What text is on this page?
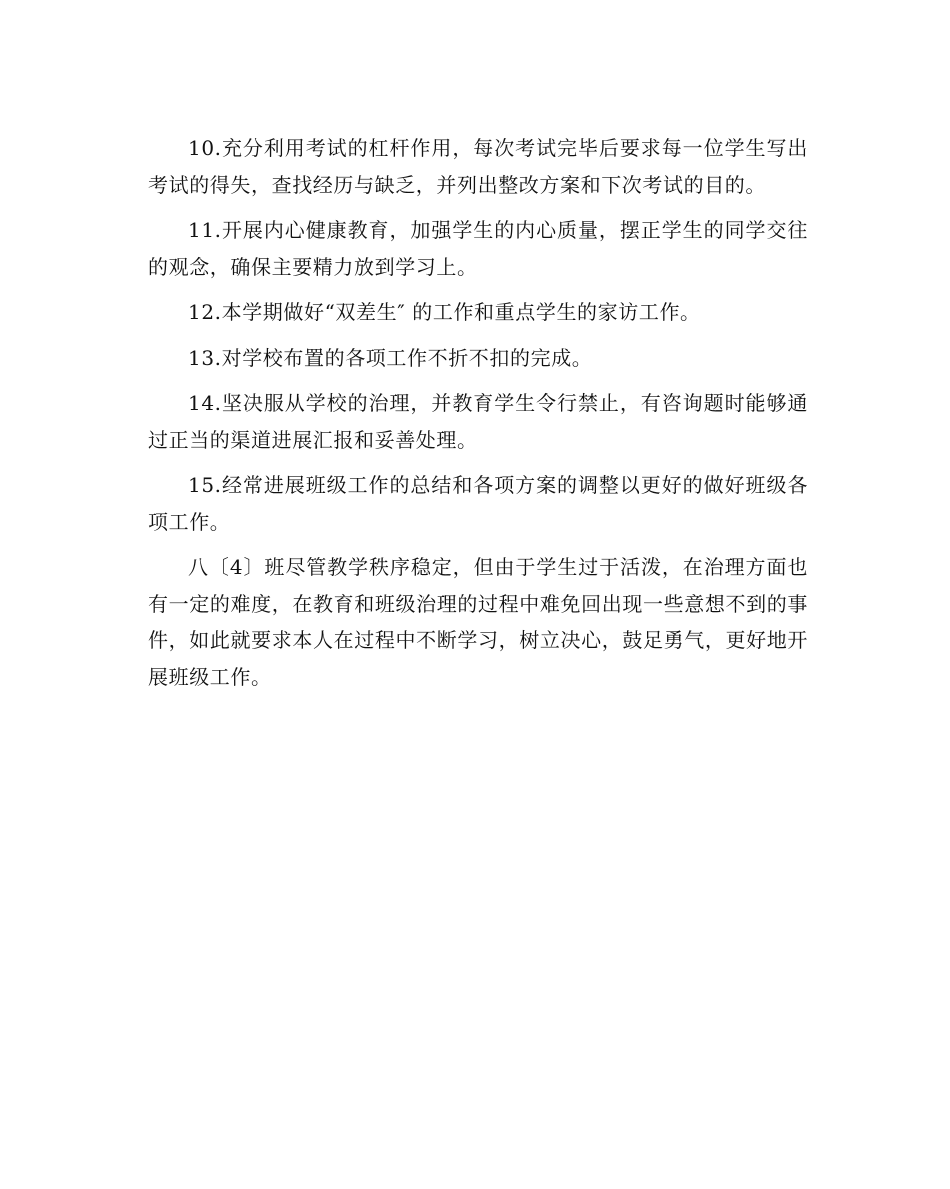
10.充分利用考试的杠杆作用，每次考试完毕后要求每一位学生写出考试的得失，查找经历与缺乏，并列出整改方案和下次考试的目的。

11.开展内心健康教育，加强学生的内心质量，摆正学生的同学交往的观念，确保主要精力放到学习上。

12.本学期做好“双差生″ 的工作和重点学生的家访工作。

13.对学校布置的各项工作不折不扣的完成。

14.坚决服从学校的治理，并教育学生令行禁止，有咨询题时能够通过正当的渠道进展汇报和妥善处理。

15.经常进展班级工作的总结和各项方案的调整以更好的做好班级各项工作。

八〔4〕班尽管教学秩序稳定，但由于学生过于活泼，在治理方面也有一定的难度，在教育和班级治理的过程中难免回出现一些意想不到的事件，如此就要求本人在过程中不断学习，树立决心，鼓足勇气，更好地开展班级工作。
